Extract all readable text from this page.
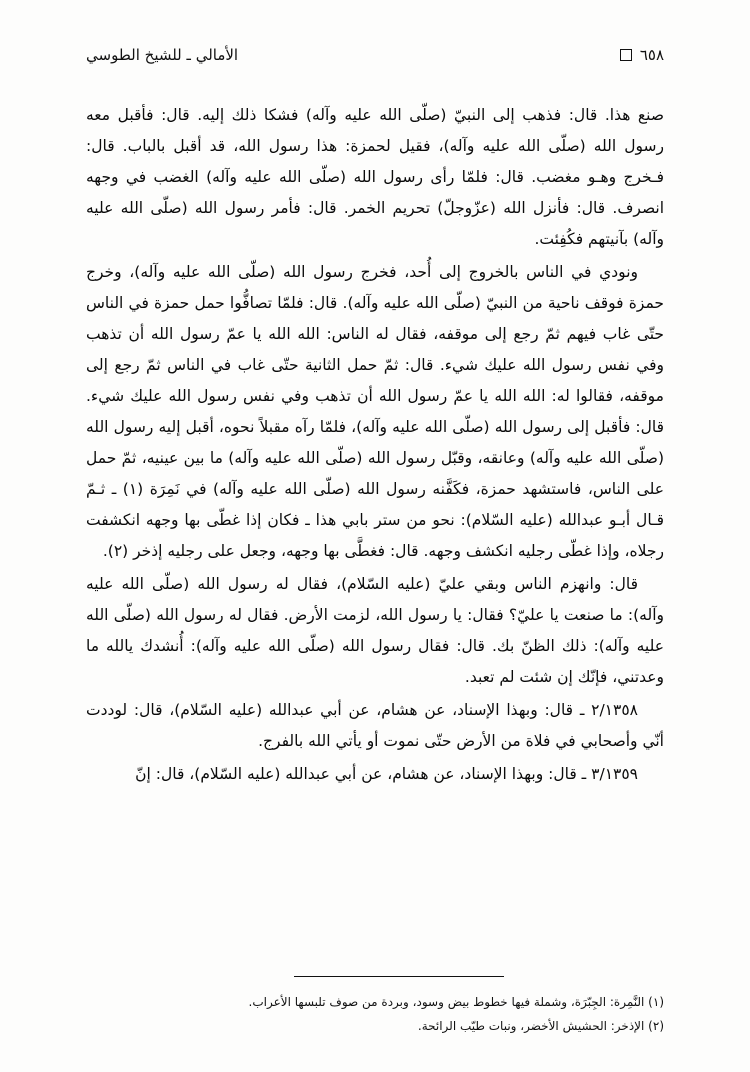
الأمالي ـ للشيخ الطوسي	٦٥٨

صنع هذا. قال: فذهب إلى النبيّ (صلّى الله عليه وآله) فشكا ذلك إليه. قال: فأقبل معه رسول الله (صلّى الله عليه وآله)، فقيل لحمزة: هذا رسول الله، قد أقبل بالباب. قال: فـخرج وهـو مغضب. قال: فلمّا رأى رسول الله (صلّى الله عليه وآله) الغضب في وجهه انصرف. قال: فأنزل الله (عزّوجلّ) تحريم الخمر. قال: فأمر رسول الله (صلّى الله عليه وآله) بآنيتهم فكُفِئت.

ونودي في الناس بالخروج إلى أُحد، فخرج رسول الله (صلّى الله عليه وآله)، وخرج حمزة فوقف ناحية من النبيّ (صلّى الله عليه وآله). قال: فلمّا تصافُّوا حمل حمزة في الناس حتّى غاب فيهم ثمّ رجع إلى موقفه، فقال له الناس: الله الله يا عمّ رسول الله أن تذهب وفي نفس رسول الله عليك شيء. قال: ثمّ حمل الثانية حتّى غاب في الناس ثمّ رجع إلى موقفه، فقالوا له: الله الله يا عمّ رسول الله أن تذهب وفي نفس رسول الله عليك شيء. قال: فأقبل إلى رسول الله (صلّى الله عليه وآله)، فلمّا رآه مقبلاً نحوه، أقبل إليه رسول الله (صلّى الله عليه وآله) وعانقه، وقبّل رسول الله (صلّى الله عليه وآله) ما بين عينيه، ثمّ حمل على الناس، فاستشهد حمزة، فكَفَّنه رسول الله (صلّى الله عليه وآله) في نَمِرَة (١) ـ ثـمّ قـال أبـو عبدالله (عليه السّلام): نحو من ستر بابي هذا ـ فكان إذا غطّى بها وجهه انكشفت رجلاه، وإذا غطّى رجليه انكشف وجهه. قال: فغطَّى بها وجهه، وجعل على رجليه إذخر (٢).

قال: وانهزم الناس وبقي عليّ (عليه السّلام)، فقال له رسول الله (صلّى الله عليه وآله): ما صنعت يا عليّ؟ فقال: يا رسول الله، لزمت الأرض. فقال له رسول الله (صلّى الله عليه وآله): ذلك الظنّ بك. قال: فقال رسول الله (صلّى الله عليه وآله): أُنشدك يالله ما وعدتني، فإنّك إن شئت لم تعبد.

٢/١٣٥٨ ـ قال: وبهذا الإسناد، عن هشام، عن أبي عبدالله (عليه السّلام)، قال: لوددت أنّي وأصحابي في فلاة من الأرض حتّى نموت أو يأتي الله بالفرج.

٣/١٣٥٩ ـ قال: وبهذا الإسناد، عن هشام، عن أبي عبدالله (عليه السّلام)، قال: إنّ

(١) النَّمِرة: الجِبّرَة، وشملة فيها خطوط بيض وسود، وبردة من صوف تلبسها الأعراب.
(٢) الإذخر: الحشيش الأخضر، ونبات طيّب الرائحة.
